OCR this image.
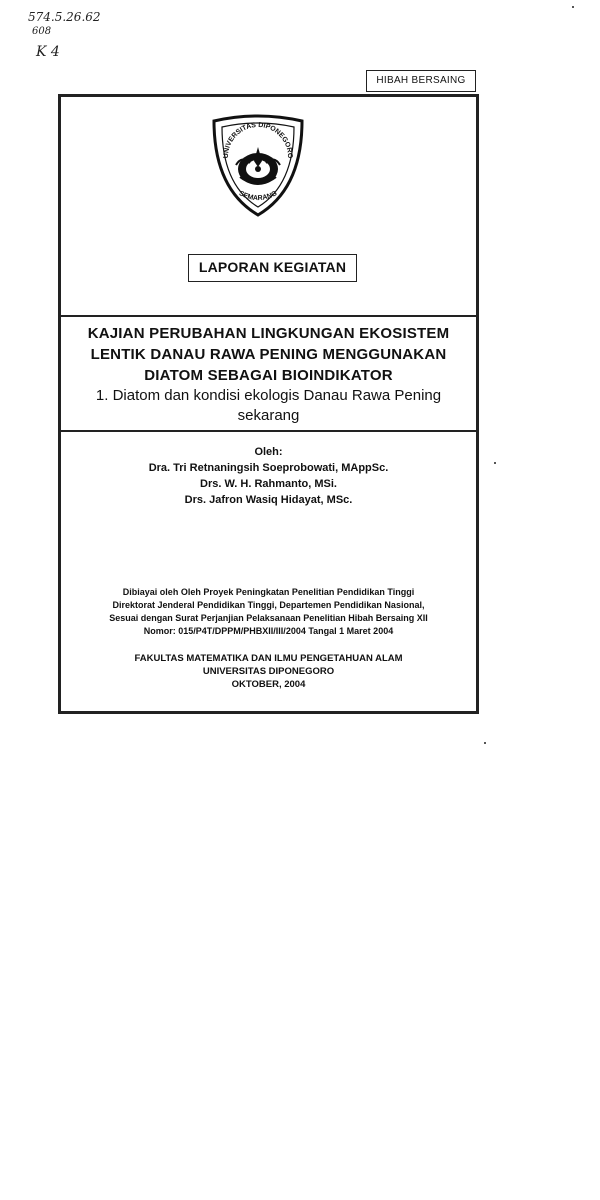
574.5.26.62
608
K 4
HIBAH BERSAING
UNIVERSITAS DIPONEGORO
SEMARANG
LAPORAN KEGIATAN
KAJIAN PERUBAHAN LINGKUNGAN EKOSISTEM
LENTIK DANAU RAWA PENING MENGGUNAKAN
DIATOM SEBAGAI BIOINDIKATOR
1. Diatom dan kondisi ekologis Danau Rawa Pening
sekarang
Oleh:
Dra. Tri Retnaningsih Soeprobowati, MAppSc.
Drs. W. H. Rahmanto, MSi.
Drs. Jafron Wasiq Hidayat, MSc.
Dibiayai oleh Oleh Proyek Peningkatan Penelitian Pendidikan Tinggi
Direktorat Jenderal Pendidikan Tinggi, Departemen Pendidikan Nasional,
Sesuai dengan Surat Perjanjian Pelaksanaan Penelitian Hibah Bersaing XII
Nomor: 015/P4T/DPPM/PHBXII/III/2004 Tangal 1 Maret 2004
FAKULTAS MATEMATIKA DAN ILMU PENGETAHUAN ALAM
UNIVERSITAS DIPONEGORO
OKTOBER, 2004
